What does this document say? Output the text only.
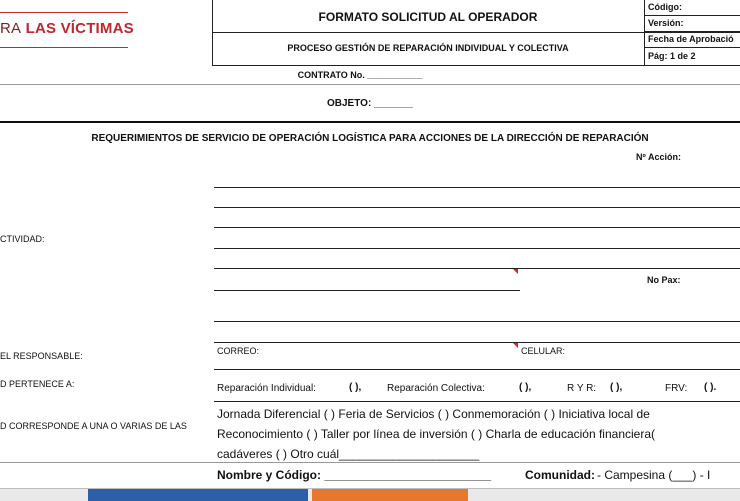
RA LAS VÍCTIMAS
FORMATO SOLICITUD AL OPERADOR
PROCESO GESTIÓN DE REPARACIÓN INDIVIDUAL Y COLECTIVA
Código:
Versión:
Fecha de Aprobació
Pág: 1 de 2
CONTRATO No. ___________
OBJETO: _______
REQUERIMIENTOS DE SERVICIO DE OPERACIÓN LOGÍSTICA PARA ACCIONES DE LA DIRECCIÓN DE REPARACIÓN
Nº Acción:
CTIVIDAD:
No Pax:
EL RESPONSABLE:	CORREO:	CELULAR:
D PERTENECE A:	Reparación Individual:	( ),	Reparación Colectiva:	( ),	R Y R: ( ),	FRV: ( ).
D CORRESPONDE A UNA O VARIAS DE LAS
Jornada Diferencial ( ) Feria de Servicios ( ) Conmemoración ( ) Iniciativa local de
Reconocimiento ( ) Taller por línea de inversión ( ) Charla de educación financiera(
cadáveres ( ) Otro cuál_____________________
Nombre y Código: _________________________	Comunidad: - Campesina (___) - I
